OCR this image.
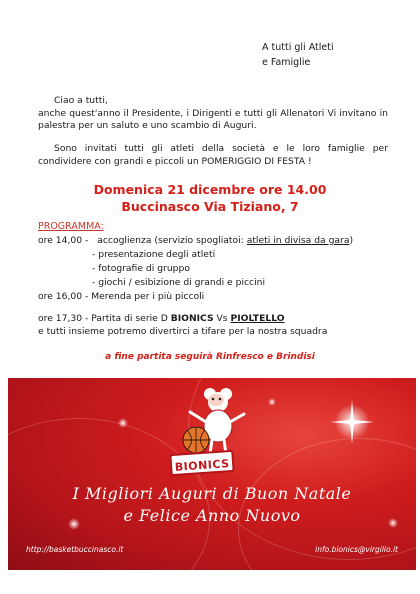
A tutti gli Atleti
e Famiglie
Ciao a tutti,
anche quest'anno il Presidente, i Dirigenti e tutti gli Allenatori Vi invitano in palestra per un saluto e uno scambio di Auguri.
Sono invitati tutti gli atleti della società e le loro famiglie per condividere con grandi e piccoli un POMERIGGIO DI FESTA !
Domenica 21 dicembre ore 14.00
Buccinasco Via Tiziano, 7
PROGRAMMA:
ore 14,00 - accoglienza (servizio spogliatoi: atleti in divisa da gara)
- presentazione degli atleti
- fotografie di gruppo
- giochi / esibizione di grandi e piccini
ore 16,00 - Merenda per i più piccoli
ore 17,30 - Partita di serie D BIONICS Vs PIOLTELLO
e tutti insieme potremo divertirci a tifare per la nostra squadra
a fine partita seguirà Rinfresco e Brindisi
BIONICS
I Migliori Auguri di Buon Natale
e Felice Anno Nuovo
http://basketbuccinasco.it	info.bionics@virgilio.it
